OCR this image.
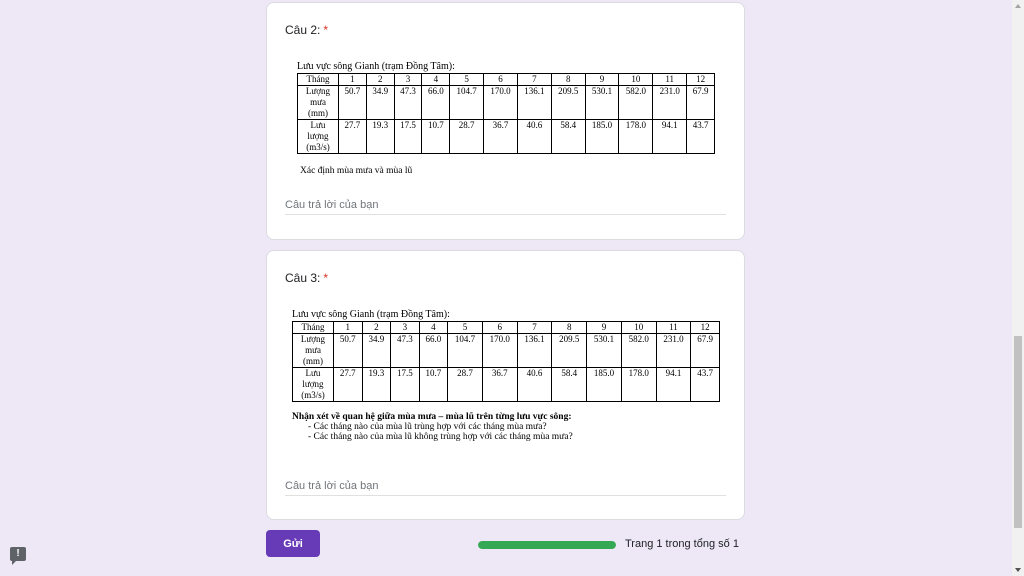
Câu 2: *
Lưu vực sông Gianh (trạm Đồng Tâm):
Tháng	1	2	3	4	5	6	7	8	9	10	11	12
Lượng mưa (mm)	50.7	34.9	47.3	66.0	104.7	170.0	136.1	209.5	530.1	582.0	231.0	67.9
Lưu lượng (m3/s)	27.7	19.3	17.5	10.7	28.7	36.7	40.6	58.4	185.0	178.0	94.1	43.7
Xác định mùa mưa và mùa lũ
Câu trả lời của bạn
Câu 3: *
Lưu vực sông Gianh (trạm Đồng Tâm):
Tháng	1	2	3	4	5	6	7	8	9	10	11	12
Lượng mưa (mm)	50.7	34.9	47.3	66.0	104.7	170.0	136.1	209.5	530.1	582.0	231.0	67.9
Lưu lượng (m3/s)	27.7	19.3	17.5	10.7	28.7	36.7	40.6	58.4	185.0	178.0	94.1	43.7
Nhận xét về quan hệ giữa mùa mưa – mùa lũ trên từng lưu vực sông:
- Các tháng nào của mùa lũ trùng hợp với các tháng mùa mưa?
- Các tháng nào của mùa lũ không trùng hợp với các tháng mùa mưa?
Câu trả lời của bạn
Gửi	Trang 1 trong tổng số 1
!
